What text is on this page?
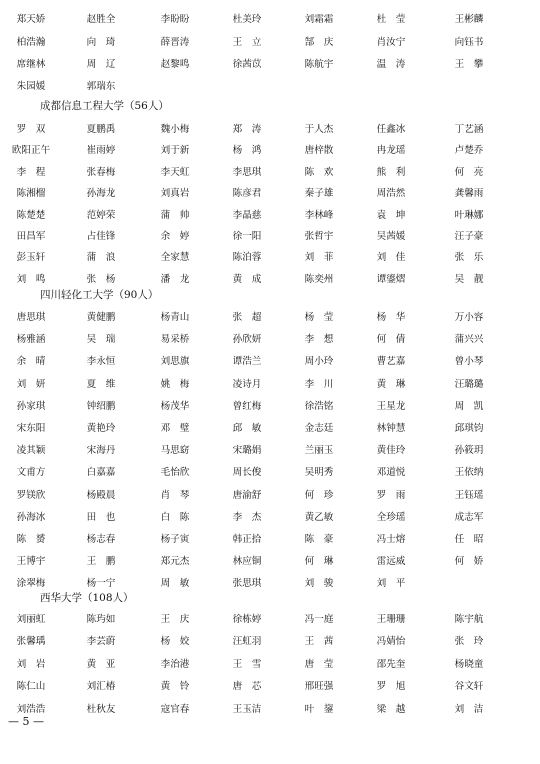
郑天娇	赵胜全	李盼盼	杜美玲	刘霜霜	杜　莹	王彬麟
柏浩瀚	向　琦	薛晋涛	王　立	郜　庆	肖汝宁	向钰书
席继林	周　辽	赵黎鸣	徐茜苡	陈航宇	温　涛	王　攀
朱园媛	郭瑞东
成都信息工程大学（56人）
罗　双	夏鹏禹	魏小梅	郑　涛	于人杰	任鑫冰	丁艺涵
欧阳正午	崔雨婷	刘于新	杨　鸿	唐梓散	冉龙瑶	卢楚乔
李　程	张春梅	李天虹	李思琪	陈　欢	熊　利	何　亮
陈湘榴	孙海龙	刘真岩	陈彦君	秦子雄	周浩然	龚馨雨
陈楚楚	范婷荣	蒲　帅	李晶慈	李林峰	袁　坤	叶琳娜
田昌军	占佳锋	余　婷	徐一阳	张哲宇	吴茜媛	汪子豪
彭玉轩	蒲　浪	全家慧	陈泊蓉	刘　菲	刘　佳	张　乐
刘　鸣	张　杨	潘　龙	黄　成	陈奕州	谭鎏熠	吴　靓
四川轻化工大学（90人）
唐思琪	黄健鹏	杨青山	张　超	杨　莹	杨　华	万小容
杨雅涵	吴　瑞	易采桥	孙欣妍	李　想	何　倩	蒲兴兴
余　晴	李永恒	刘思旗	谭浩兰	周小玲	曹艺嘉	曾小琴
刘　妍	夏　维	姚　梅	凌诗月	李　川	黄　琳	汪璐璐
孙家琪	钟绍鹏	杨茂华	曾红梅	徐浩铭	王星龙	周　凯
宋东阳	黄艳玲	邓　璧	邱　敏	金志廷	林钟慧	邱琪钧
凌其颖	宋海丹	马思窈	宋璐娟	兰丽玉	黄佳玲	孙筱玥
文甫方	白嘉嘉	毛怡欣	周长俊	吴明秀	邓道悦	王依纳
罗镁欣	杨殿晨	肖　琴	唐渝舒	何　珍	罗　雨	王钰瑶
孙海冰	田　也	白　陈	李　杰	黄乙敏	全珍瑶	成志军
陈　赟	杨志春	杨子寅	韩正拾	陈　豪	冯士熔	任　昭
王博宇	王　鹏	郑元杰	林应铜	何　琳	雷远威	何　娇
涂翠梅	杨一宁	周　敏	张思琪	刘　骏	刘　平
西华大学（108人）
刘丽虹	陈玙如	王　庆	徐栋婷	冯一庭	王珊珊	陈宇航
张馨瑀	李芸蔚	杨　姣	汪虹羽	王　茜	冯婧怡	张　玲
刘　岩	黄　亚	李治港	王　雪	唐　莹	邵先奎	杨晓童
陈仁山	刘汇椿	黄　铃	唐　芯	邢旺强	罗　旭	谷文轩
刘浩浩	杜秋友	寇官春	王玉洁	叶　鋆	梁　越	刘　洁
— 5 —
